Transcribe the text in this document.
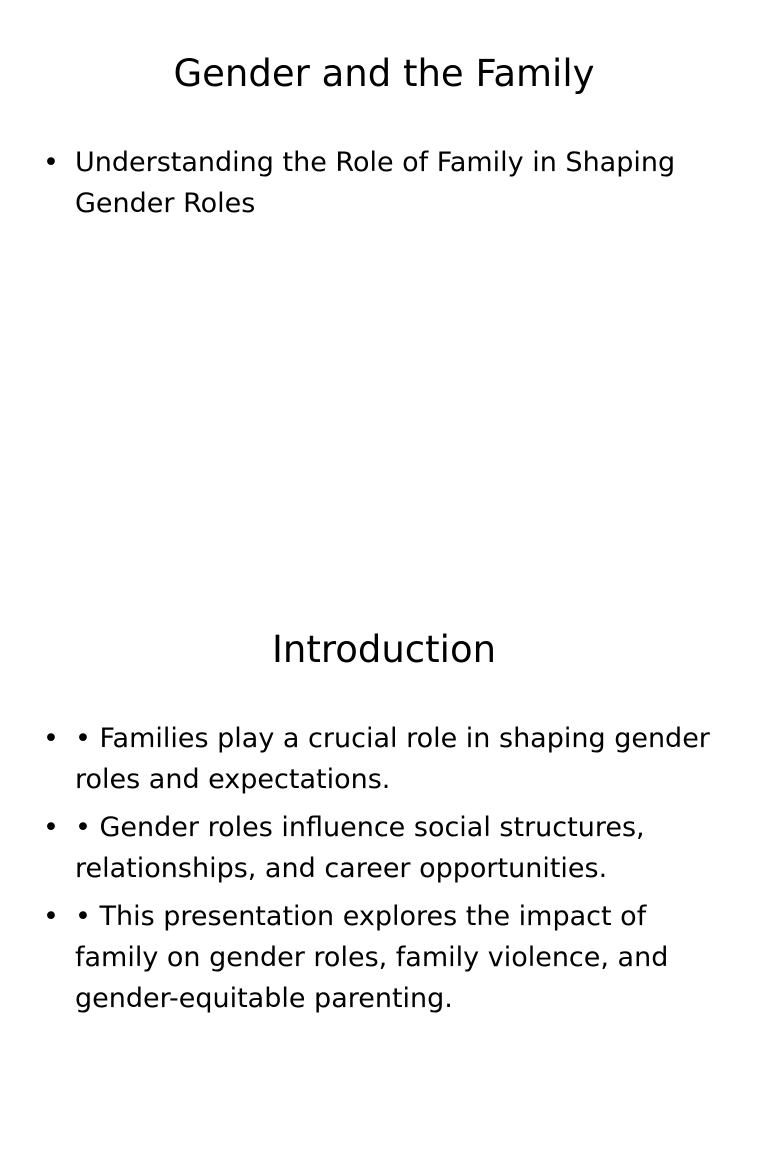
Gender and the Family
• Understanding the Role of Family in Shaping Gender Roles
Introduction
• • Families play a crucial role in shaping gender roles and expectations.
• • Gender roles influence social structures, relationships, and career opportunities.
• • This presentation explores the impact of family on gender roles, family violence, and gender-equitable parenting.
